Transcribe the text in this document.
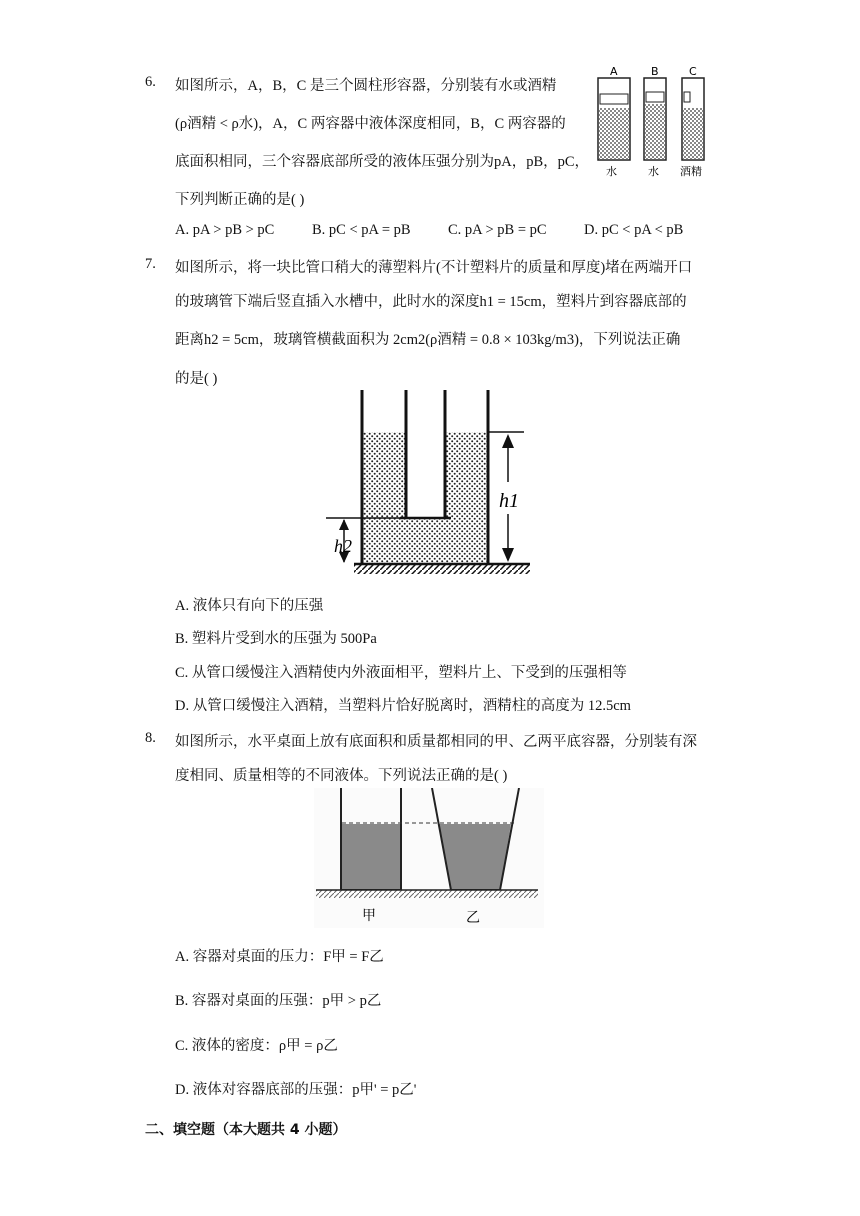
6. 如图所示，A，B，C 是三个圆柱形容器，分别装有水或酒精
(ρ酒精 < ρ水)，A，C 两容器中液体深度相同，B，C 两容器的
底面积相同，三个容器底部所受的液体压强分别为pA，pB，pC，
下列判断正确的是( )
A. pA > pB > pC	B. pC < pA = pB	C. pA > pB = pC	D. pC < pA < pB
A
水
B
水
C
酒精
7. 如图所示，将一块比管口稍大的薄塑料片(不计塑料片的质量和厚度)堵在两端开口
的玻璃管下端后竖直插入水槽中，此时水的深度h1 = 15cm，塑料片到容器底部的
距离h2 = 5cm，玻璃管横截面积为 2cm2(ρ酒精 = 0.8 × 103kg/m3)，下列说法正确
的是( )
h1
h2
A. 液体只有向下的压强
B. 塑料片受到水的压强为 500Pa
C. 从管口缓慢注入酒精使内外液面相平，塑料片上、下受到的压强相等
D. 从管口缓慢注入酒精，当塑料片恰好脱离时，酒精柱的高度为 12.5cm
8. 如图所示，水平桌面上放有底面积和质量都相同的甲、乙两平底容器，分别装有深
度相同、质量相等的不同液体。下列说法正确的是( )
甲	乙
A. 容器对桌面的压力：F甲 = F乙
B. 容器对桌面的压强：p甲 > p乙
C. 液体的密度：ρ甲 = ρ乙
D. 液体对容器底部的压强：p甲' = p乙'
二、填空题（本大题共 4 小题）
